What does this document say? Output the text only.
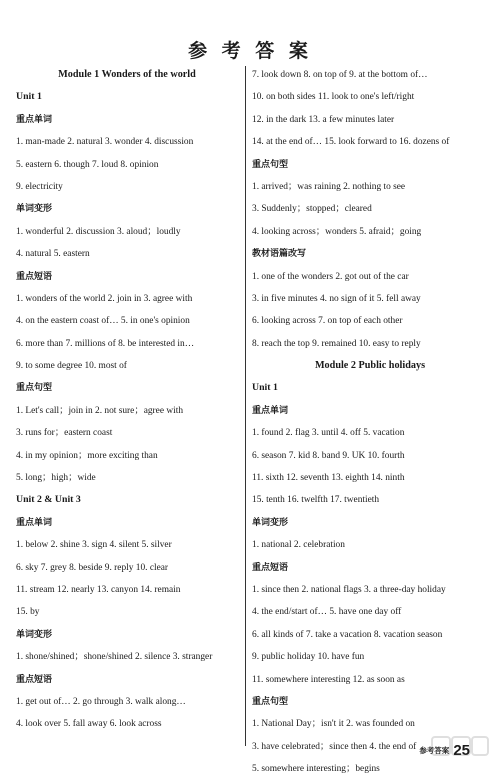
参 考 答 案
Module 1 Wonders of the world
Unit 1
重点单词
1. man-made 2. natural 3. wonder 4. discussion
5. eastern 6. though 7. loud 8. opinion
9. electricity
单词变形
1. wonderful 2. discussion 3. aloud；loudly
4. natural 5. eastern
重点短语
1. wonders of the world 2. join in 3. agree with
4. on the eastern coast of… 5. in one's opinion
6. more than 7. millions of 8. be interested in…
9. to some degree 10. most of
重点句型
1. Let's call；join in 2. not sure；agree with
3. runs for；eastern coast
4. in my opinion；more exciting than
5. long；high；wide
Unit 2 & Unit 3
重点单词
1. below 2. shine 3. sign 4. silent 5. silver
6. sky 7. grey 8. beside 9. reply 10. clear
11. stream 12. nearly 13. canyon 14. remain
15. by
单词变形
1. shone/shined；shone/shined 2. silence 3. stranger
重点短语
1. get out of… 2. go through 3. walk along…
4. look over 5. fall away 6. look across
7. look down 8. on top of 9. at the bottom of…
10. on both sides 11. look to one's left/right
12. in the dark 13. a few minutes later
14. at the end of… 15. look forward to 16. dozens of
重点句型
1. arrived；was raining 2. nothing to see
3. Suddenly；stopped；cleared
4. looking across；wonders 5. afraid；going
教材语篇改写
1. one of the wonders 2. got out of the car
3. in five minutes 4. no sign of it 5. fell away
6. looking across 7. on top of each other
8. reach the top 9. remained 10. easy to reply
Module 2 Public holidays
Unit 1
重点单词
1. found 2. flag 3. until 4. off 5. vacation
6. season 7. kid 8. band 9. UK 10. fourth
11. sixth 12. seventh 13. eighth 14. ninth
15. tenth 16. twelfth 17. twentieth
单词变形
1. national 2. celebration
重点短语
1. since then 2. national flags 3. a three-day holiday
4. the end/start of… 5. have one day off
6. all kinds of 7. take a vacation 8. vacation season
9. public holiday 10. have fun
11. somewhere interesting 12. as soon as
重点句型
1. National Day；isn't it 2. was founded on
3. have celebrated；since then 4. the end of
5. somewhere interesting；begins
参考答案 25
